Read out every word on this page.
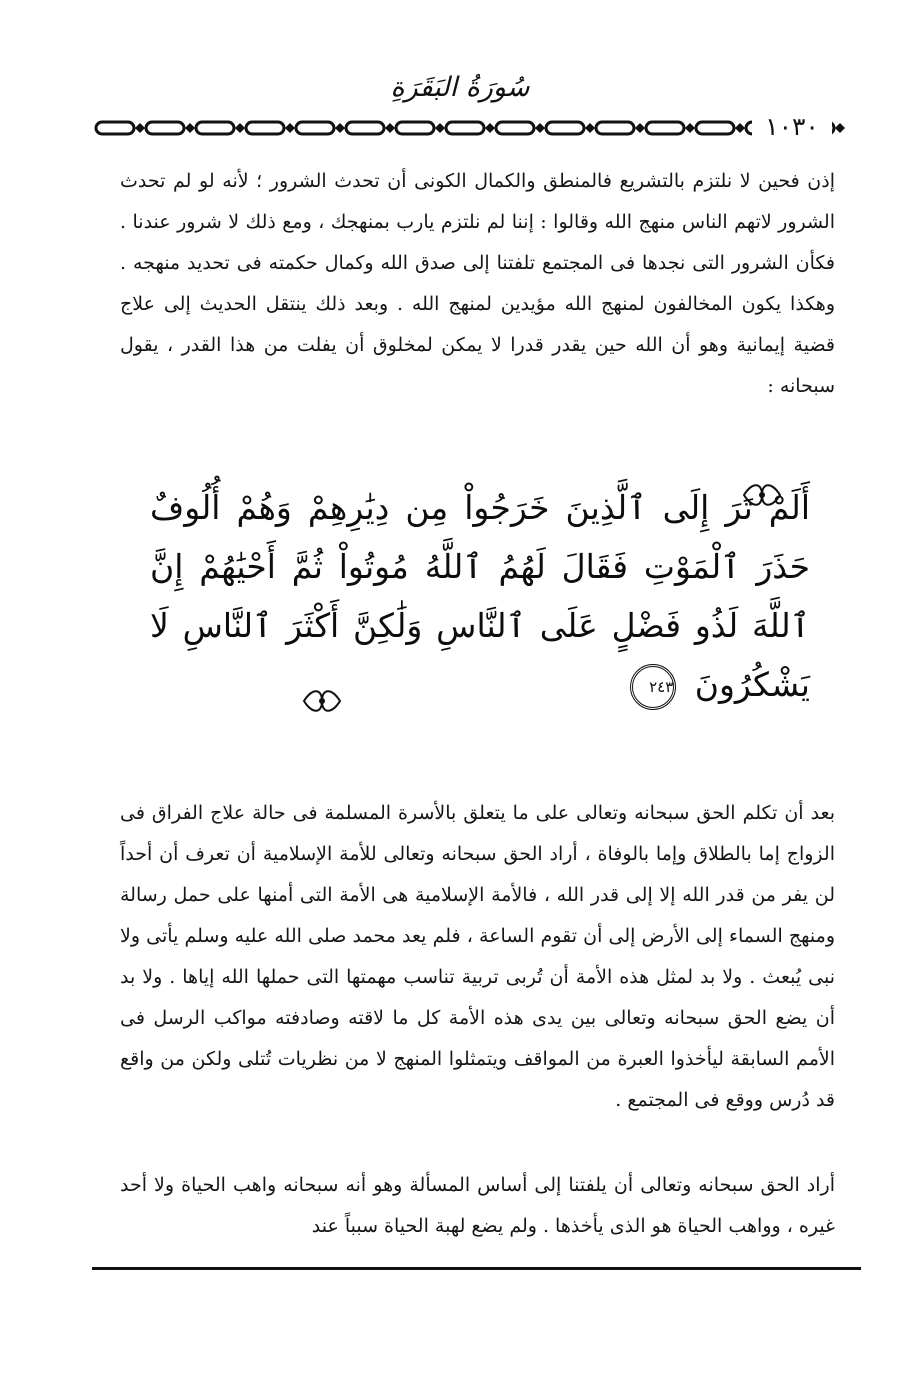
سُورَةُ البَقَرَةِ
١٠٣٠

إذن فحين لا نلتزم بالتشريع فالمنطق والكمال الكونى أن تحدث الشرور ؛ لأنه لو لم تحدث الشرور لاتهم الناس منهج الله وقالوا : إننا لم نلتزم يارب بمنهجك ، ومع ذلك لا شرور عندنا . فكأن الشرور التى نجدها فى المجتمع تلفتنا إلى صدق الله وكمال حكمته فى تحديد منهجه . وهكذا يكون المخالفون لمنهج الله مؤيدين لمنهج الله . وبعد ذلك ينتقل الحديث إلى علاج قضية إيمانية وهو أن الله حين يقدر قدرا لا يمكن لمخلوق أن يفلت من هذا القدر ، يقول سبحانه :

أَلَمْ تَرَ إِلَى ٱلَّذِينَ خَرَجُواْ مِن دِيَٰرِهِمْ وَهُمْ أُلُوفٌ حَذَرَ ٱلْمَوْتِ فَقَالَ لَهُمُ ٱللَّهُ مُوتُواْ ثُمَّ أَحْيَٰهُمْ إِنَّ ٱللَّهَ لَذُو فَضْلٍ عَلَى ٱلنَّاسِ وَلَٰكِنَّ أَكْثَرَ ٱلنَّاسِ لَا يَشْكُرُونَ ٢٤٣

بعد أن تكلم الحق سبحانه وتعالى على ما يتعلق بالأسرة المسلمة فى حالة علاج الفراق فى الزواج إما بالطلاق وإما بالوفاة ، أراد الحق سبحانه وتعالى للأمة الإسلامية أن تعرف أن أحداً لن يفر من قدر الله إلا إلى قدر الله ، فالأمة الإسلامية هى الأمة التى أمنها على حمل رسالة ومنهج السماء إلى الأرض إلى أن تقوم الساعة ، فلم يعد محمد صلى الله عليه وسلم يأتى ولا نبى يُبعث . ولا بد لمثل هذه الأمة أن تُربى تربية تناسب مهمتها التى حملها الله إياها . ولا بد أن يضع الحق سبحانه وتعالى بين يدى هذه الأمة كل ما لاقته وصادفته مواكب الرسل فى الأمم السابقة ليأخذوا العبرة من المواقف ويتمثلوا المنهج لا من نظريات تُتلى ولكن من واقع قد دُرس ووقع فى المجتمع .

أراد الحق سبحانه وتعالى أن يلفتنا إلى أساس المسألة وهو أنه سبحانه واهب الحياة ولا أحد غيره ، وواهب الحياة هو الذى يأخذها . ولم يضع لهبة الحياة سبباً عند
